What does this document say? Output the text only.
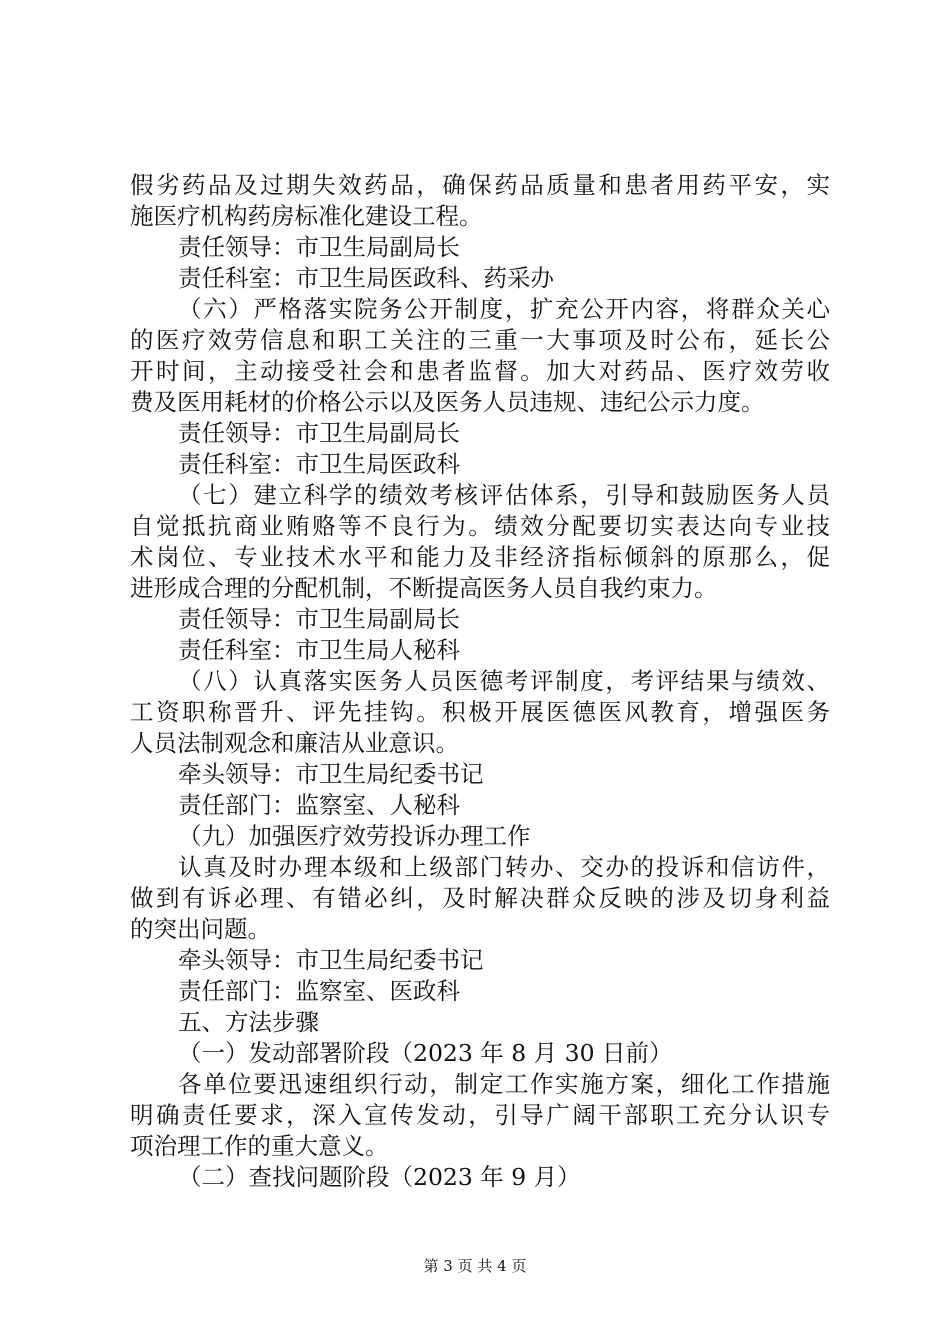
假劣药品及过期失效药品，确保药品质量和患者用药平安，实
施医疗机构药房标准化建设工程。
责任领导：市卫生局副局长
责任科室：市卫生局医政科、药采办
（六）严格落实院务公开制度，扩充公开内容，将群众关心
的医疗效劳信息和职工关注的三重一大事项及时公布，延长公
开时间，主动接受社会和患者监督。加大对药品、医疗效劳收
费及医用耗材的价格公示以及医务人员违规、违纪公示力度。
责任领导：市卫生局副局长
责任科室：市卫生局医政科
（七）建立科学的绩效考核评估体系，引导和鼓励医务人员
自觉抵抗商业贿赂等不良行为。绩效分配要切实表达向专业技
术岗位、专业技术水平和能力及非经济指标倾斜的原那么，促
进形成合理的分配机制，不断提高医务人员自我约束力。
责任领导：市卫生局副局长
责任科室：市卫生局人秘科
（八）认真落实医务人员医德考评制度，考评结果与绩效、
工资职称晋升、评先挂钩。积极开展医德医风教育，增强医务
人员法制观念和廉洁从业意识。
牵头领导：市卫生局纪委书记
责任部门：监察室、人秘科
（九）加强医疗效劳投诉办理工作
认真及时办理本级和上级部门转办、交办的投诉和信访件，
做到有诉必理、有错必纠，及时解决群众反映的涉及切身利益
的突出问题。
牵头领导：市卫生局纪委书记
责任部门：监察室、医政科
五、方法步骤
（一）发动部署阶段（2023 年 8 月 30 日前）
各单位要迅速组织行动，制定工作实施方案，细化工作措施
明确责任要求，深入宣传发动，引导广阔干部职工充分认识专
项治理工作的重大意义。
（二）查找问题阶段（2023 年 9 月）
第 3 页 共 4 页
